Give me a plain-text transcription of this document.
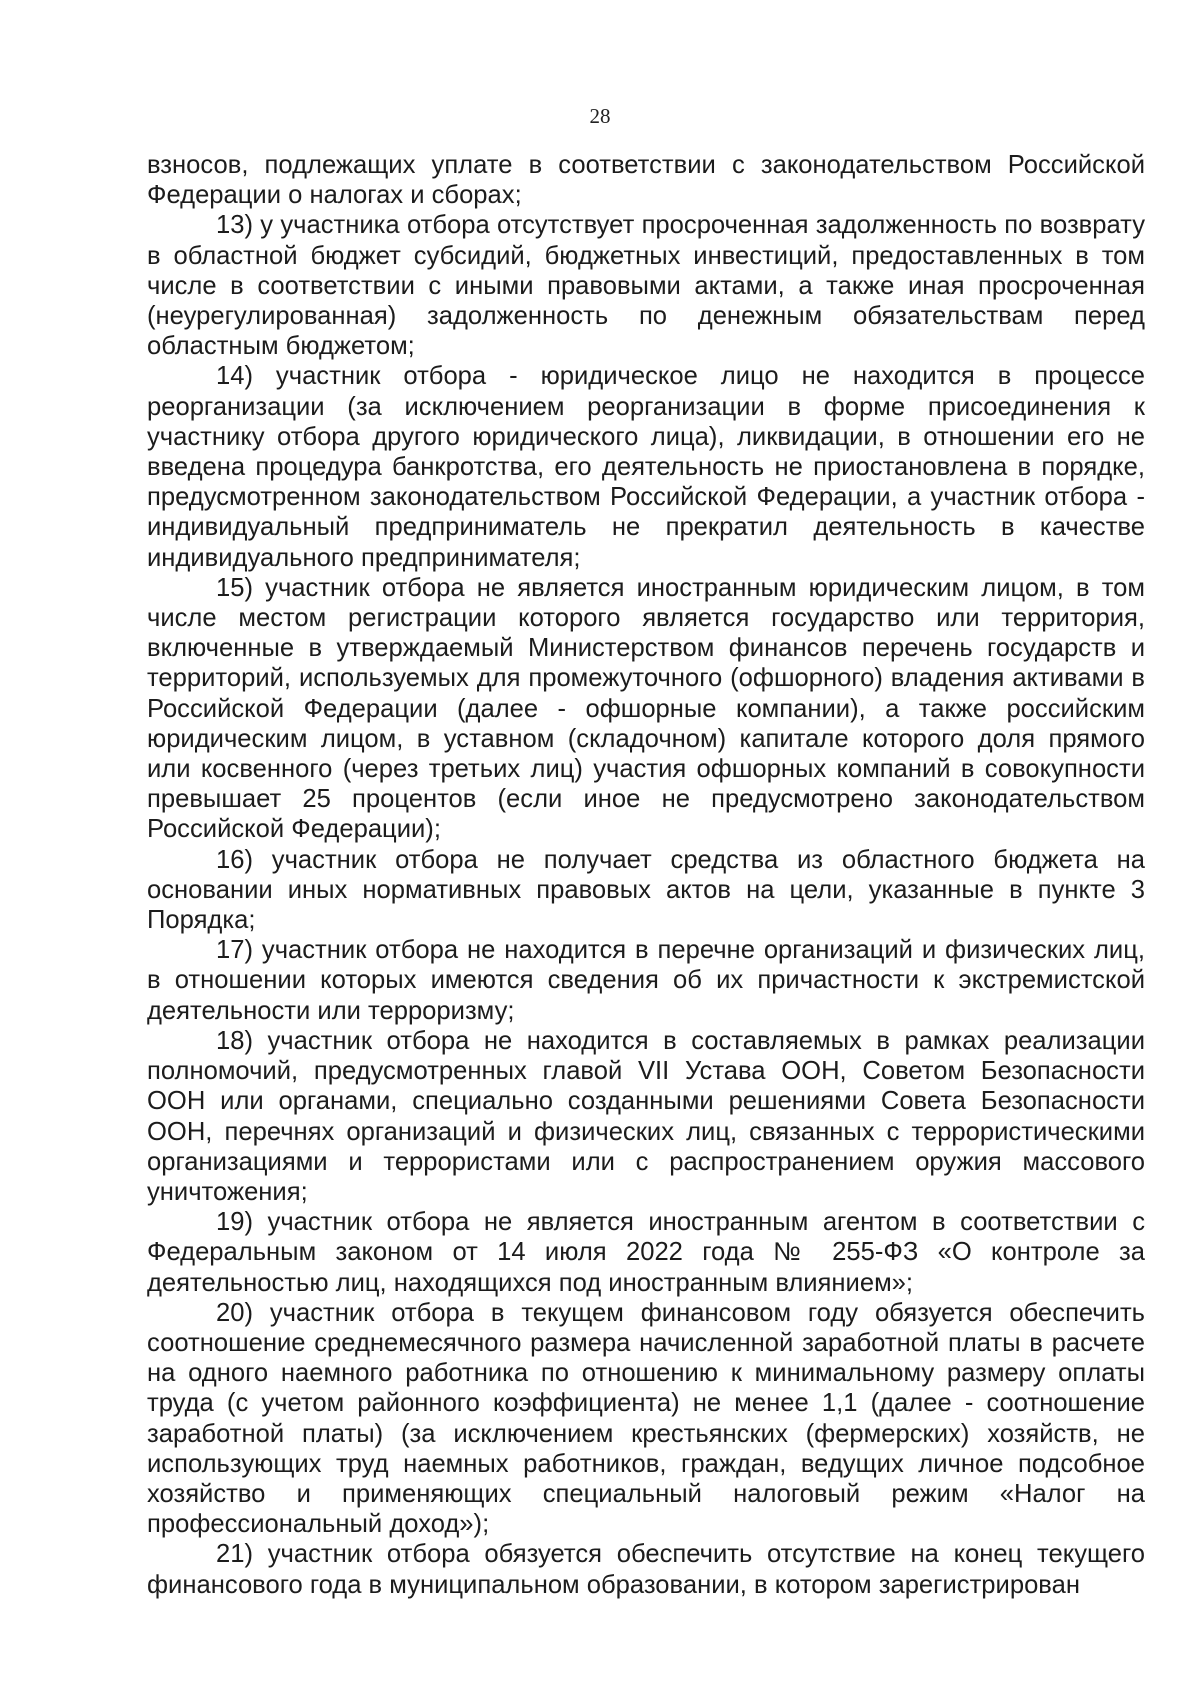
28

взносов, подлежащих уплате в соответствии с законодательством Российской Федерации о налогах и сборах;

13) у участника отбора отсутствует просроченная задолженность по возврату в областной бюджет субсидий, бюджетных инвестиций, предоставленных в том числе в соответствии с иными правовыми актами, а также иная просроченная (неурегулированная) задолженность по денежным обязательствам перед областным бюджетом;

14) участник отбора - юридическое лицо не находится в процессе реорганизации (за исключением реорганизации в форме присоединения к участнику отбора другого юридического лица), ликвидации, в отношении его не введена процедура банкротства, его деятельность не приостановлена в порядке, предусмотренном законодательством Российской Федерации, а участник отбора - индивидуальный предприниматель не прекратил деятельность в качестве индивидуального предпринимателя;

15) участник отбора не является иностранным юридическим лицом, в том числе местом регистрации которого является государство или территория, включенные в утверждаемый Министерством финансов перечень государств и территорий, используемых для промежуточного (офшорного) владения активами в Российской Федерации (далее - офшорные компании), а также российским юридическим лицом, в уставном (складочном) капитале которого доля прямого или косвенного (через третьих лиц) участия офшорных компаний в совокупности превышает 25 процентов (если иное не предусмотрено законодательством Российской Федерации);

16) участник отбора не получает средства из областного бюджета на основании иных нормативных правовых актов на цели, указанные в пункте 3 Порядка;

17) участник отбора не находится в перечне организаций и физических лиц, в отношении которых имеются сведения об их причастности к экстремистской деятельности или терроризму;

18) участник отбора не находится в составляемых в рамках реализации полномочий, предусмотренных главой VII Устава ООН, Советом Безопасности ООН или органами, специально созданными решениями Совета Безопасности ООН, перечнях организаций и физических лиц, связанных с террористическими организациями и террористами или с распространением оружия массового уничтожения;

19) участник отбора не является иностранным агентом в соответствии с Федеральным законом от 14 июля 2022 года № 255-ФЗ «О контроле за деятельностью лиц, находящихся под иностранным влиянием»;

20) участник отбора в текущем финансовом году обязуется обеспечить соотношение среднемесячного размера начисленной заработной платы в расчете на одного наемного работника по отношению к минимальному размеру оплаты труда (с учетом районного коэффициента) не менее 1,1 (далее - соотношение заработной платы) (за исключением крестьянских (фермерских) хозяйств, не использующих труд наемных работников, граждан, ведущих личное подсобное хозяйство и применяющих специальный налоговый режим «Налог на профессиональный доход»);

21) участник отбора обязуется обеспечить отсутствие на конец текущего финансового года в муниципальном образовании, в котором зарегистрирован
